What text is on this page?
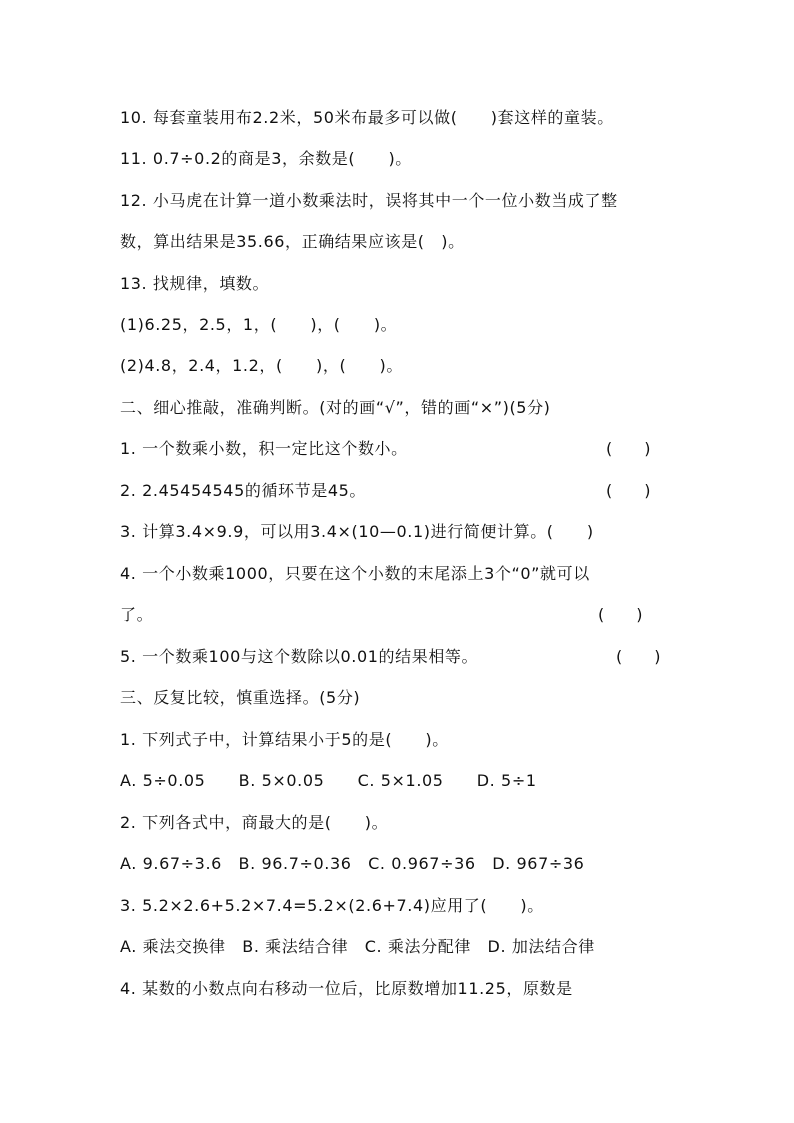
10. 每套童装用布2.2米，50米布最多可以做(　　)套这样的童装。
11. 0.7÷0.2的商是3，余数是(　　)。
12. 小马虎在计算一道小数乘法时，误将其中一个一位小数当成了整
数，算出结果是35.66，正确结果应该是(　)。
13. 找规律，填数。
(1)6.25，2.5，1，(　　)，(　　)。
(2)4.8，2.4，1.2，(　　)，(　　)。
二、细心推敲，准确判断。(对的画“√”，错的画“×”)(5分)
1. 一个数乘小数，积一定比这个数小。	(　　)
2. 2.45454545的循环节是45。	(　　)
3. 计算3.4×9.9，可以用3.4×(10—0.1)进行简便计算。(　　)
4. 一个小数乘1000，只要在这个小数的末尾添上3个“0”就可以
了。	(　　)
5. 一个数乘100与这个数除以0.01的结果相等。	(　　)
三、反复比较，慎重选择。(5分)
1. 下列式子中，计算结果小于5的是(　　)。
A. 5÷0.05　　B. 5×0.05　　C. 5×1.05　　D. 5÷1
2. 下列各式中，商最大的是(　　)。
A. 9.67÷3.6　B. 96.7÷0.36　C. 0.967÷36　D. 967÷36
3. 5.2×2.6+5.2×7.4=5.2×(2.6+7.4)应用了(　　)。
A. 乘法交换律　B. 乘法结合律　C. 乘法分配律　D. 加法结合律
4. 某数的小数点向右移动一位后，比原数增加11.25，原数是
